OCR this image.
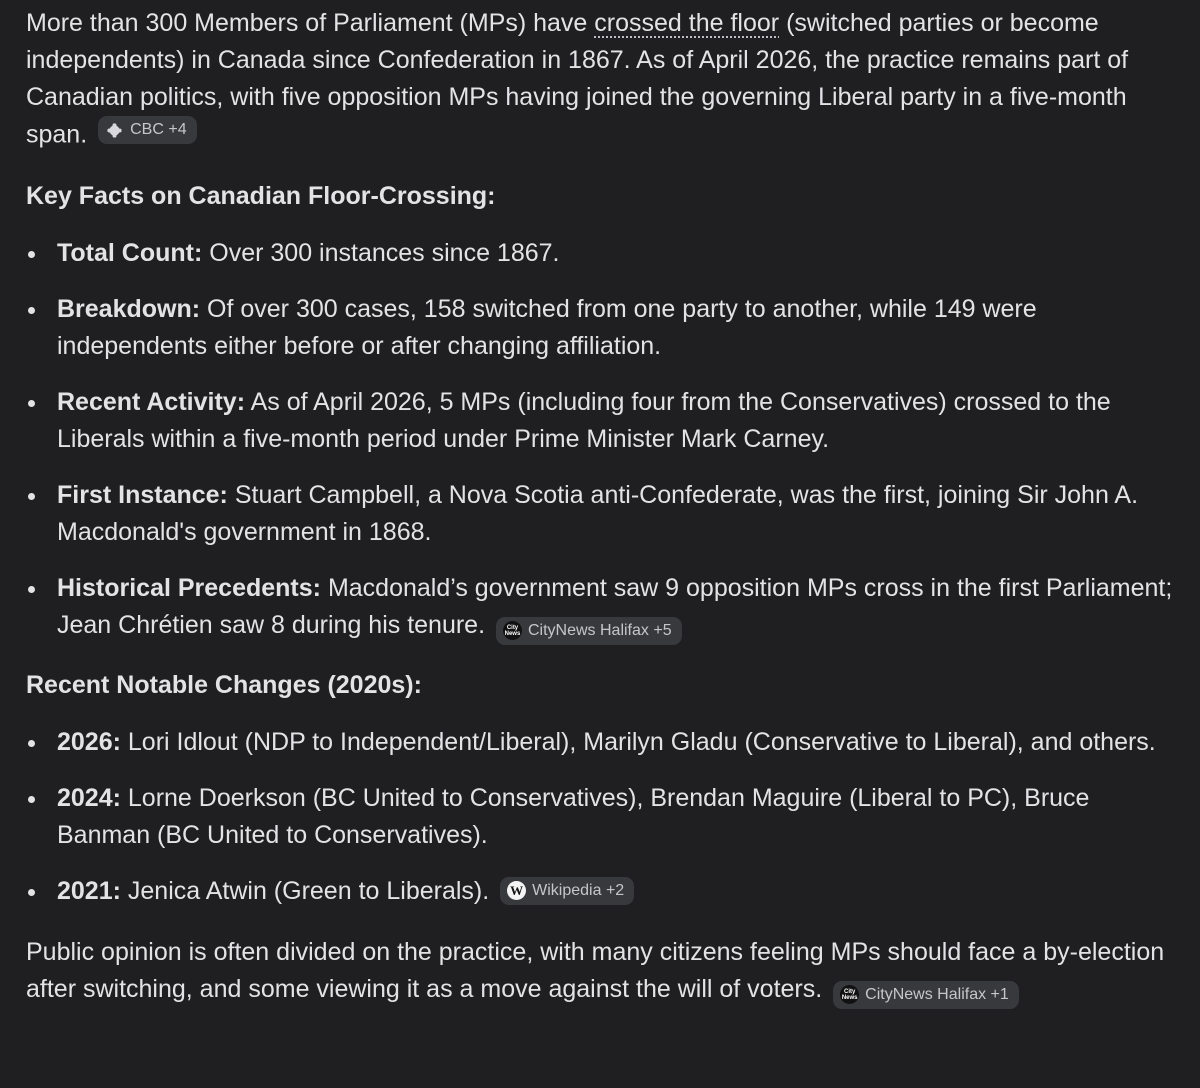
More than 300 Members of Parliament (MPs) have crossed the floor (switched parties or become independents) in Canada since Confederation in 1867. As of April 2026, the practice remains part of Canadian politics, with five opposition MPs having joined the governing Liberal party in a five-month span.	CBC +4

Key Facts on Canadian Floor-Crossing:

Total Count: Over 300 instances since 1867.
Breakdown: Of over 300 cases, 158 switched from one party to another, while 149 were independents either before or after changing affiliation.
Recent Activity: As of April 2026, 5 MPs (including four from the Conservatives) crossed to the Liberals within a five-month period under Prime Minister Mark Carney.
First Instance: Stuart Campbell, a Nova Scotia anti-Confederate, was the first, joining Sir John A. Macdonald's government in 1868.
Historical Precedents: Macdonald’s government saw 9 opposition MPs cross in the first Parliament; Jean Chrétien saw 8 during his tenure.	City
News CityNews Halifax +5

Recent Notable Changes (2020s):

2026: Lori Idlout (NDP to Independent/Liberal), Marilyn Gladu (Conservative to Liberal), and others.
2024: Lorne Doerkson (BC United to Conservatives), Brendan Maguire (Liberal to PC), Bruce Banman (BC United to Conservatives).
2021: Jenica Atwin (Green to Liberals). W Wikipedia +2

Public opinion is often divided on the practice, with many citizens feeling MPs should face a by-election after switching, and some viewing it as a move against the will of voters.	City
News CityNews Halifax +1
